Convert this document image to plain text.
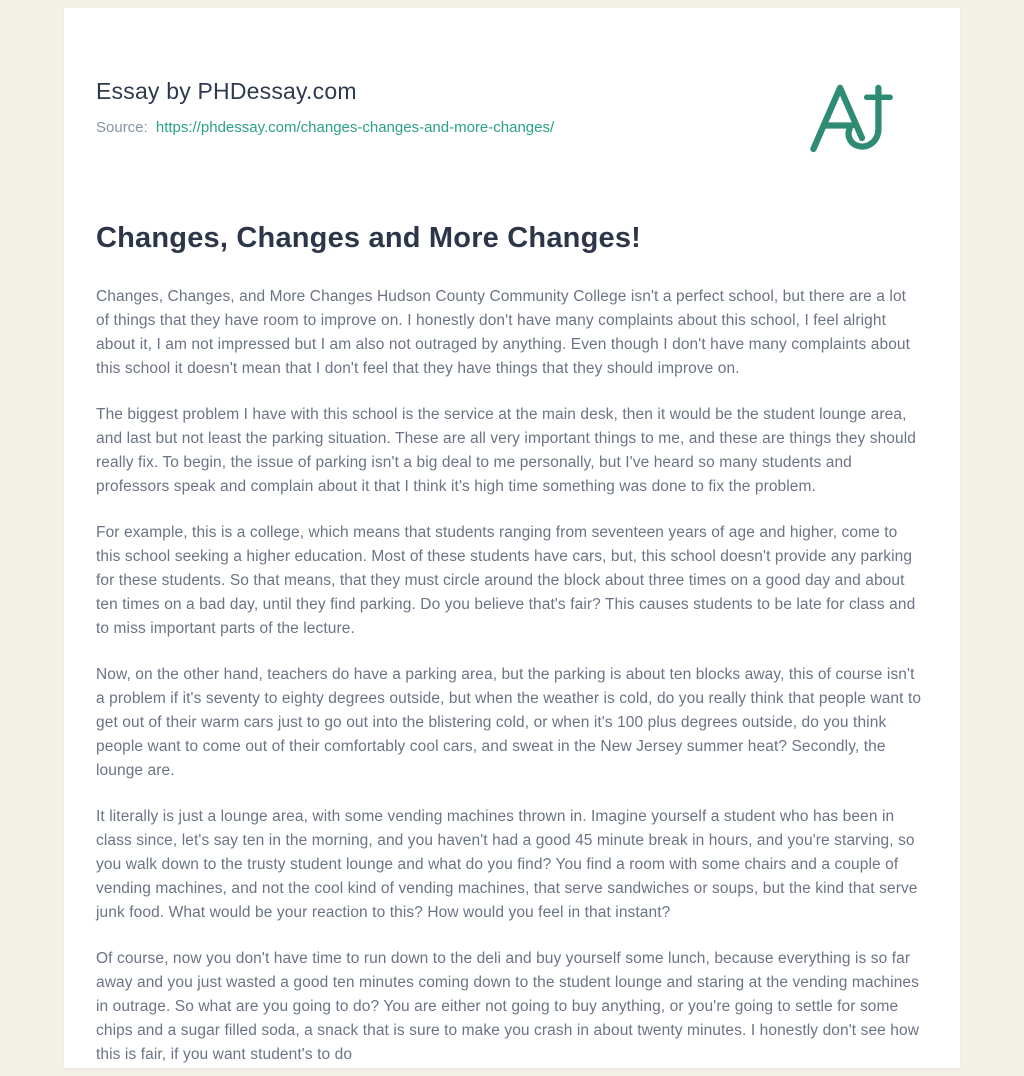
Essay by PHDessay.com
Source: https://phdessay.com/changes-changes-and-more-changes/
Changes, Changes and More Changes!

Changes, Changes, and More Changes Hudson County Community College isn't a perfect school, but there are a lot of things that they have room to improve on. I honestly don't have many complaints about this school, I feel alright about it, I am not impressed but I am also not outraged by anything. Even though I don't have many complaints about this school it doesn't mean that I don't feel that they have things that they should improve on.

The biggest problem I have with this school is the service at the main desk, then it would be the student lounge area, and last but not least the parking situation. These are all very important things to me, and these are things they should really fix. To begin, the issue of parking isn't a big deal to me personally, but I've heard so many students and professors speak and complain about it that I think it's high time something was done to fix the problem.

For example, this is a college, which means that students ranging from seventeen years of age and higher, come to this school seeking a higher education. Most of these students have cars, but, this school doesn't provide any parking for these students. So that means, that they must circle around the block about three times on a good day and about ten times on a bad day, until they find parking. Do you believe that's fair? This causes students to be late for class and to miss important parts of the lecture.

Now, on the other hand, teachers do have a parking area, but the parking is about ten blocks away, this of course isn't a problem if it's seventy to eighty degrees outside, but when the weather is cold, do you really think that people want to get out of their warm cars just to go out into the blistering cold, or when it's 100 plus degrees outside, do you think people want to come out of their comfortably cool cars, and sweat in the New Jersey summer heat? Secondly, the lounge are.

It literally is just a lounge area, with some vending machines thrown in. Imagine yourself a student who has been in class since, let's say ten in the morning, and you haven't had a good 45 minute break in hours, and you're starving, so you walk down to the trusty student lounge and what do you find? You find a room with some chairs and a couple of vending machines, and not the cool kind of vending machines, that serve sandwiches or soups, but the kind that serve junk food. What would be your reaction to this? How would you feel in that instant?

Of course, now you don't have time to run down to the deli and buy yourself some lunch, because everything is so far away and you just wasted a good ten minutes coming down to the student lounge and staring at the vending machines in outrage. So what are you going to do? You are either not going to buy anything, or you're going to settle for some chips and a sugar filled soda, a snack that is sure to make you crash in about twenty minutes. I honestly don't see how this is fair, if you want student's to do
